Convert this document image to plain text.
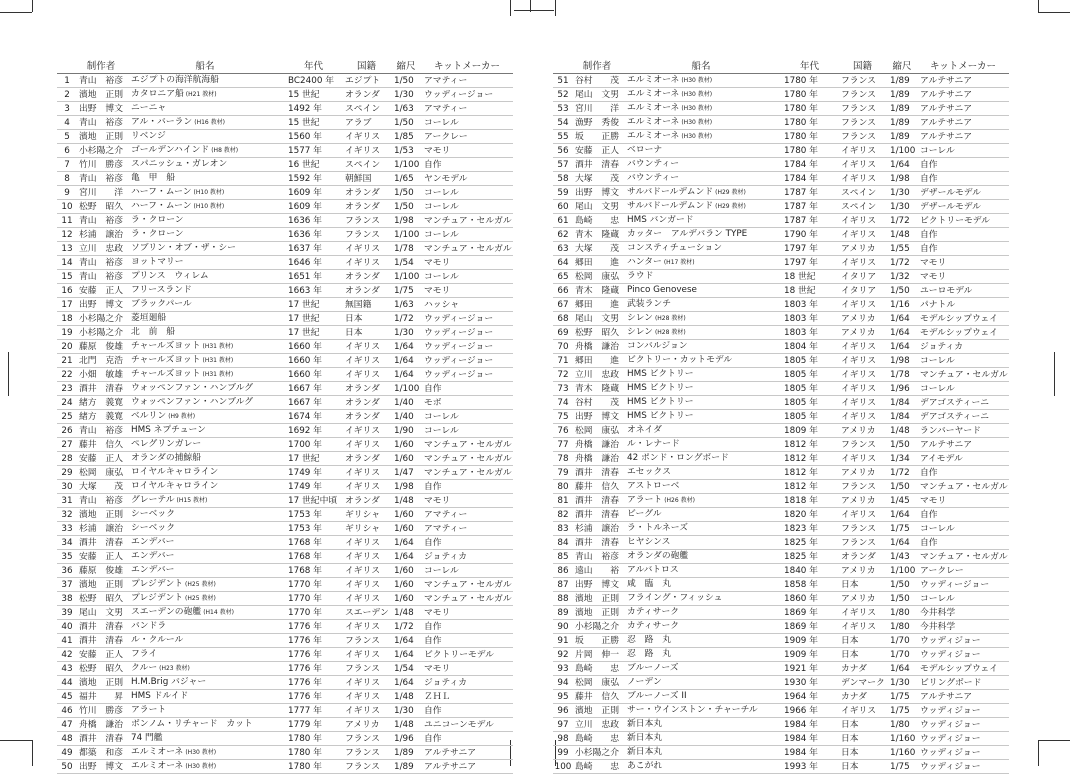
	制作者	船名	年代	国籍	縮尺	キットメーカー
1	青山　裕彦	エジプトの海洋航海船	BC2400 年	エジプト	1/50	アマティー
2	濱地　正則	カタロニア船 (H21 教材)	15 世紀	オランダ	1/30	ウッディージョー
3	出野　博文	ニーニャ	1492 年	スペイン	1/63	アマティー
4	青山　裕彦	アル・バーラン (H16 教材)	15 世紀	アラブ	1/50	コーレル
5	濱地　正則	リベンジ	1560 年	イギリス	1/85	アークレー
6	小杉陽之介	ゴールデンハインド (H8 教材)	1577 年	イギリス	1/53	マモリ
7	竹川　勝彦	スパニッシュ・ガレオン	16 世紀	スペイン	1/100	自作
8	青山　裕彦	亀　甲　船	1592 年	朝鮮国	1/65	ヤンモデル
9	宮川　　洋	ハーフ・ムーン (H10 教材)	1609 年	オランダ	1/50	コーレル
10	松野　昭久	ハーフ・ムーン (H10 教材)	1609 年	オランダ	1/50	コーレル
11	青山　裕彦	ラ・クローン	1636 年	フランス	1/98	マンチュア・セルガル
12	杉浦　譲治	ラ・クローン	1636 年	フランス	1/100	コーレル
13	立川　忠政	ソブリン・オブ・ザ・シー	1637 年	イギリス	1/78	マンチュア・セルガル
14	青山　裕彦	ヨットマリー	1646 年	イギリス	1/54	マモリ
15	青山　裕彦	プリンス　ウィレム	1651 年	オランダ	1/100	コーレル
16	安藤　正人	フリースランド	1663 年	オランダ	1/75	マモリ
17	出野　博文	ブラックパール	17 世紀	無国籍	1/63	ハッシャ
18	小杉陽之介	菱垣廻船	17 世紀	日本	1/72	ウッディージョー
19	小杉陽之介	北　前　船	17 世紀	日本	1/30	ウッディージョー
20	藤原　俊雄	チャールズヨット (H31 教材)	1660 年	イギリス	1/64	ウッディージョー
21	北門　克浩	チャールズヨット (H31 教材)	1660 年	イギリス	1/64	ウッディージョー
22	小畑　敏雄	チャールズヨット (H31 教材)	1660 年	イギリス	1/64	ウッディージョー
23	酒井　清春	ウォッペンファン・ハンブルグ	1667 年	オランダ	1/100	自作
24	緒方　義寛	ウォッペンファン・ハンブルグ	1667 年	オランダ	1/40	モボ
25	緒方　義寛	ベルリン (H9 教材)	1674 年	オランダ	1/40	コーレル
26	青山　裕彦	HMS ネプチューン	1692 年	イギリス	1/90	コーレル
27	藤井　信久	ペレグリンガレー	1700 年	イギリス	1/60	マンチュア・セルガル
28	安藤　正人	オランダの捕鯨船	17 世紀	オランダ	1/60	マンチュア・セルガル
29	松岡　康弘	ロイヤルキャロライン	1749 年	イギリス	1/47	マンチュア・セルガル
30	大塚　　茂	ロイヤルキャロライン	1749 年	イギリス	1/98	自作
31	青山　裕彦	グレーテル (H15 教材)	17 世紀中頃	オランダ	1/48	マモリ
32	濱地　正則	シーベック	1753 年	ギリシャ	1/60	アマティー
33	杉浦　譲治	シーベック	1753 年	ギリシャ	1/60	アマティー
34	酒井　清春	エンデバー	1768 年	イギリス	1/64	自作
35	安藤　正人	エンデバー	1768 年	イギリス	1/64	ジョティカ
36	藤原　俊雄	エンデバー	1768 年	イギリス	1/60	コーレル
37	濱地　正則	プレジデント (H25 教材)	1770 年	イギリス	1/60	マンチュア・セルガル
38	松野　昭久	プレジデント (H25 教材)	1770 年	イギリス	1/60	マンチュア・セルガル
39	尾山　文男	スエーデンの砲艦 (H14 教材)	1770 年	スエーデン	1/48	マモリ
40	酒井　清春	バンドラ	1776 年	イギリス	1/72	自作
41	酒井　清春	ル・クルール	1776 年	フランス	1/64	自作
42	安藤　正人	フライ	1776 年	イギリス	1/64	ビクトリーモデル
43	松野　昭久	クルー (H23 教材)	1776 年	フランス	1/54	マモリ
44	濱地　正則	H.M.Brig バジャー	1776 年	イギリス	1/64	ジョティカ
45	福井　　昇	HMS ドルイド	1776 年	イギリス	1/48	ＺＨＬ
46	竹川　勝彦	アラート	1777 年	イギリス	1/30	自作
47	舟橋　謙治	ボンノム・リチャード　カット	1779 年	アメリカ	1/48	ユニコーンモデル
48	酒井　清春	74 門艦	1780 年	フランス	1/96	自作
49	都築　和彦	エルミオーネ (H30 教材)	1780 年	フランス	1/89	アルテサニア
50	出野　博文	エルミオーネ (H30 教材)	1780 年	フランス	1/89	アルテサニア
	制作者	船名	年代	国籍	縮尺	キットメーカー
51	谷村　　茂	エルミオーネ (H30 教材)	1780 年	フランス	1/89	アルテサニア
52	尾山　文男	エルミオーネ (H30 教材)	1780 年	フランス	1/89	アルテサニア
53	宮川　　洋	エルミオーネ (H30 教材)	1780 年	フランス	1/89	アルテサニア
54	漁野　秀俊	エルミオーネ (H30 教材)	1780 年	フランス	1/89	アルテサニア
55	坂　　正勝	エルミオーネ (H30 教材)	1780 年	フランス	1/89	アルテサニア
56	安藤　正人	ベローナ	1780 年	イギリス	1/100	コーレル
57	酒井　清春	バウンティー	1784 年	イギリス	1/64	自作
58	大塚　　茂	バウンティー	1784 年	イギリス	1/98	自作
59	出野　博文	サルバドールデムンド (H29 教材)	1787 年	スペイン	1/30	デザールモデル
60	尾山　文男	サルバドールデムンド (H29 教材)	1787 年	スペイン	1/30	デザールモデル
61	島崎　　忠	HMS バンガード	1787 年	イギリス	1/72	ビクトリーモデル
62	青木　隆蔵	カッター　アルデバラン TYPE	1790 年	イギリス	1/48	自作
63	大塚　　茂	コンスティチューション	1797 年	アメリカ	1/55	自作
64	郷田　　進	ハンター (H17 教材)	1797 年	イギリス	1/72	マモリ
65	松岡　康弘	ラウド	18 世紀	イタリア	1/32	マモリ
66	青木　隆蔵	Pinco Genovese	18 世紀	イタリア	1/50	ユーロモデル
67	郷田　　進	武装ランチ	1803 年	イギリス	1/16	パナトル
68	尾山　文男	シレン (H28 教材)	1803 年	アメリカ	1/64	モデルシップウェイ
69	松野　昭久	シレン (H28 教材)	1803 年	アメリカ	1/64	モデルシップウェイ
70	舟橋　謙治	コンバルジョン	1804 年	イギリス	1/64	ジョティカ
71	郷田　　進	ビクトリー・カットモデル	1805 年	イギリス	1/98	コーレル
72	立川　忠政	HMS ビクトリー	1805 年	イギリス	1/78	マンチュア・セルガル
73	青木　隆蔵	HMS ビクトリー	1805 年	イギリス	1/96	コーレル
74	谷村　　茂	HMS ビクトリー	1805 年	イギリス	1/84	デアゴスティーニ
75	出野　博文	HMS ビクトリー	1805 年	イギリス	1/84	デアゴスティーニ
76	松岡　康弘	オネイダ	1809 年	アメリカ	1/48	ランバーヤード
77	舟橋　謙治	ル・レナード	1812 年	フランス	1/50	アルテサニア
78	舟橋　謙治	42 ポンド・ロングボード	1812 年	イギリス	1/34	アイモデル
79	酒井　清春	エセックス	1812 年	アメリカ	1/72	自作
80	藤井　信久	アストローベ	1812 年	フランス	1/50	マンチュア・セルガル
81	酒井　清春	アラート (H26 教材)	1818 年	アメリカ	1/45	マモリ
82	酒井　清春	ビーグル	1820 年	イギリス	1/64	自作
83	杉浦　譲治	ラ・トルネーズ	1823 年	フランス	1/75	コーレル
84	酒井　清春	ヒヤシンス	1825 年	フランス	1/64	自作
85	青山　裕彦	オランダの砲艦	1825 年	オランダ	1/43	マンチュア・セルガル
86	遠山　　裕	アルバトロス	1840 年	アメリカ	1/100	アークレー
87	出野　博文	咸　臨　丸	1858 年	日本	1/50	ウッディージョー
88	濱地　正則	フライング・フィッシュ	1860 年	アメリカ	1/50	コーレル
89	濱地　正則	カティサーク	1869 年	イギリス	1/80	今井科学
90	小杉陽之介	カティサーク	1869 年	イギリス	1/80	今井科学
91	坂　　正勝	忍　路　丸	1909 年	日本	1/70	ウッディジョー
92	片岡　伸一	忍　路　丸	1909 年	日本	1/70	ウッディジョー
93	島崎　　忠	ブルーノーズ	1921 年	カナダ	1/64	モデルシップウェイ
94	松岡　康弘	ノーデン	1930 年	デンマーク	1/30	ビリングボード
95	藤井　信久	ブルーノーズ II	1964 年	カナダ	1/75	アルテサニア
96	濱地　正則	サー・ウインストン・チャーチル	1966 年	イギリス	1/75	ウッディジョー
97	立川　忠政	新日本丸	1984 年	日本	1/80	ウッディジョー
98	島崎　　忠	新日本丸	1984 年	日本	1/160	ウッディジョー
99	小杉陽之介	新日本丸	1984 年	日本	1/160	ウッディジョー
100	島崎　　忠	あこがれ	1993 年	日本	1/75	ウッディジョー
